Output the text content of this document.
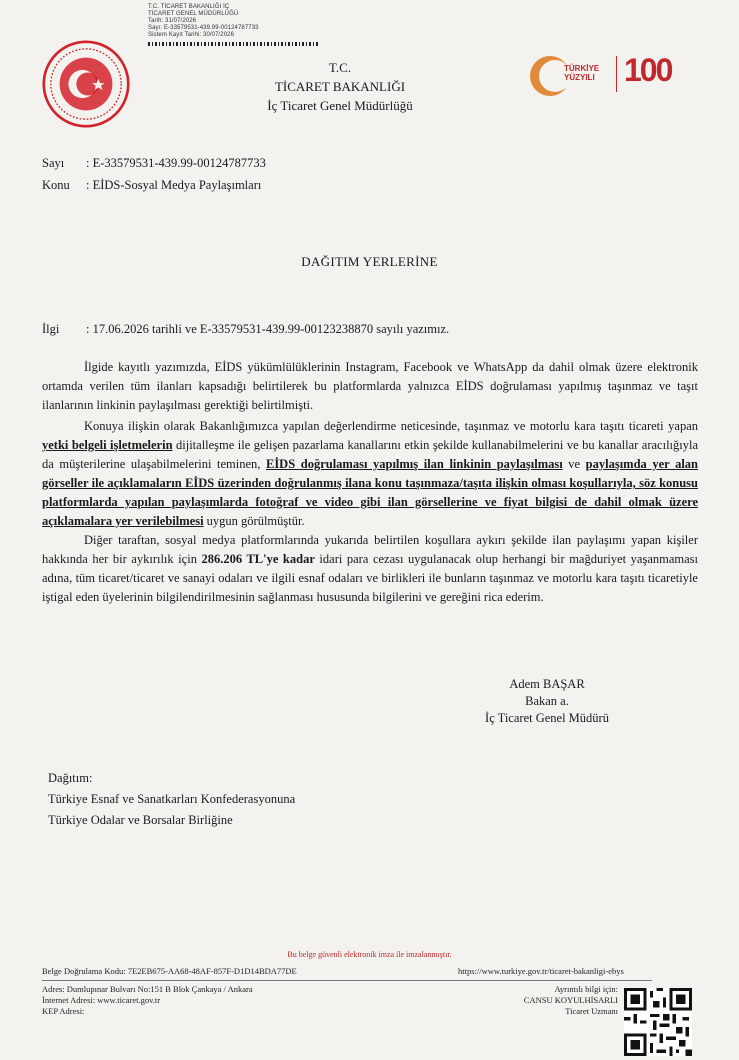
T.C. TİCARET BAKANLIĞI İÇ
TİCARET GENEL MÜDÜRLÜĞÜ
Tarih: 31/07/2026
Sayı: E-33579531-439.99-00124787733
Sistem Kayıt Tarihi: 30/07/2026
T.C.
TİCARET BAKANLIĞI
İç Ticaret Genel Müdürlüğü
TÜRKİYE
YÜZYILI 100
Sayı : E-33579531-439.99-00124787733
Konu : EİDS-Sosyal Medya Paylaşımları
DAĞITIM YERLERİNE
İlgi : 17.06.2026 tarihli ve E-33579531-439.99-00123238870 sayılı yazımız.

İlgide kayıtlı yazımızda, EİDS yükümlülüklerinin Instagram, Facebook ve WhatsApp da dahil olmak üzere elektronik ortamda verilen tüm ilanları kapsadığı belirtilerek bu platformlarda yalnızca EİDS doğrulaması yapılmış taşınmaz ve taşıt ilanlarının linkinin paylaşılması gerektiği belirtilmişti.

Konuya ilişkin olarak Bakanlığımızca yapılan değerlendirme neticesinde, taşınmaz ve motorlu kara taşıtı ticareti yapan yetki belgeli işletmelerin dijitalleşme ile gelişen pazarlama kanallarını etkin şekilde kullanabilmelerini ve bu kanallar aracılığıyla da müşterilerine ulaşabilmelerini teminen, EİDS doğrulaması yapılmış ilan linkinin paylaşılması ve paylaşımda yer alan görseller ile açıklamaların EİDS üzerinden doğrulanmış ilana konu taşınmaza/taşıta ilişkin olması koşullarıyla, söz konusu platformlarda yapılan paylaşımlarda fotoğraf ve video gibi ilan görsellerine ve fiyat bilgisi de dahil olmak üzere açıklamalara yer verilebilmesi uygun görülmüştür.

Diğer taraftan, sosyal medya platformlarında yukarıda belirtilen koşullara aykırı şekilde ilan paylaşımı yapan kişiler hakkında her bir aykırılık için 286.206 TL'ye kadar idari para cezası uygulanacak olup herhangi bir mağduriyet yaşanmaması adına, tüm ticaret/ticaret ve sanayi odaları ve ilgili esnaf odaları ve birlikleri ile bunların taşınmaz ve motorlu kara taşıtı ticaretiyle iştigal eden üyelerinin bilgilendirilmesinin sağlanması hususunda bilgilerini ve gereğini rica ederim.

Adem BAŞAR
Bakan a.
İç Ticaret Genel Müdürü
Dağıtım:
Türkiye Esnaf ve Sanatkarları Konfederasyonuna
Türkiye Odalar ve Borsalar Birliğine
Bu belge güvenli elektronik imza ile imzalanmıştır.
Belge Doğrulama Kodu: 7E2EB675-AA68-48AF-857F-D1D14BDA77DE	https://www.turkiye.gov.tr/ticaret-bakanligi-ebys
Adres: Dumlupınar Bulvarı No:151 B Blok Çankaya / Ankara
İnternet Adresi: www.ticaret.gov.tr
KEP Adresi:
Ayrıntılı bilgi için:
CANSU KOYULHİSARLI
Ticaret Uzmanı
